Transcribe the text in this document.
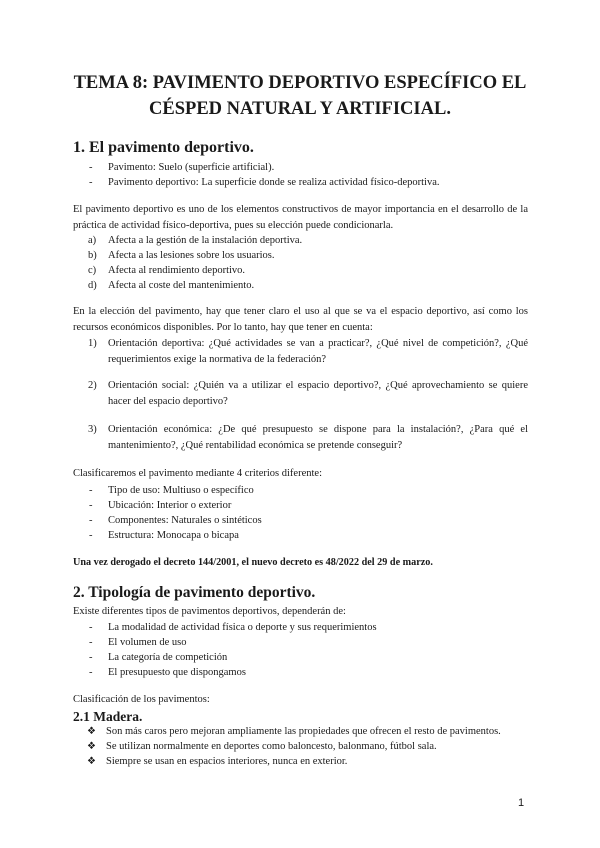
TEMA 8: PAVIMENTO DEPORTIVO ESPECÍFICO EL
CÉSPED NATURAL Y ARTIFICIAL.
1. El pavimento deportivo.
-	Pavimento: Suelo (superficie artificial).
-	Pavimento deportivo: La superficie donde se realiza actividad físico-deportiva.

El pavimento deportivo es uno de los elementos constructivos de mayor importancia en el desarrollo de la práctica de actividad físico-deportiva, pues su elección puede condicionarla.

a)	Afecta a la gestión de la instalación deportiva.
b)	Afecta a las lesiones sobre los usuarios.
c)	Afecta al rendimiento deportivo.
d)	Afecta al coste del mantenimiento.

En la elección del pavimento, hay que tener claro el uso al que se va el espacio deportivo, así como los recursos económicos disponibles. Por lo tanto, hay que tener en cuenta:

1)	Orientación deportiva: ¿Qué actividades se van a practicar?, ¿Qué nivel de competición?, ¿Qué requerimientos exige la normativa de la federación?
2)	Orientación social: ¿Quién va a utilizar el espacio deportivo?, ¿Qué aprovechamiento se quiere hacer del espacio deportivo?
3)	Orientación económica: ¿De qué presupuesto se dispone para la instalación?, ¿Para qué el mantenimiento?, ¿Qué rentabilidad económica se pretende conseguir?

Clasificaremos el pavimento mediante 4 criterios diferente:

-	Tipo de uso: Multiuso o específico
-	Ubicación: Interior o exterior
-	Componentes: Naturales o sintéticos
-	Estructura: Monocapa o bicapa

Una vez derogado el decreto 144/2001, el nuevo decreto es 48/2022 del 29 de marzo.

2. Tipología de pavimento deportivo.

Existe diferentes tipos de pavimentos deportivos, dependerán de:

-	La modalidad de actividad física o deporte y sus requerimientos
-	El volumen de uso
-	La categoría de competición
-	El presupuesto que dispongamos

Clasificación de los pavimentos:

2.1 Madera.
❖ Son más caros pero mejoran ampliamente las propiedades que ofrecen el resto de pavimentos.
❖ Se utilizan normalmente en deportes como baloncesto, balonmano, fútbol sala.
❖ Siempre se usan en espacios interiores, nunca en exterior.
1
